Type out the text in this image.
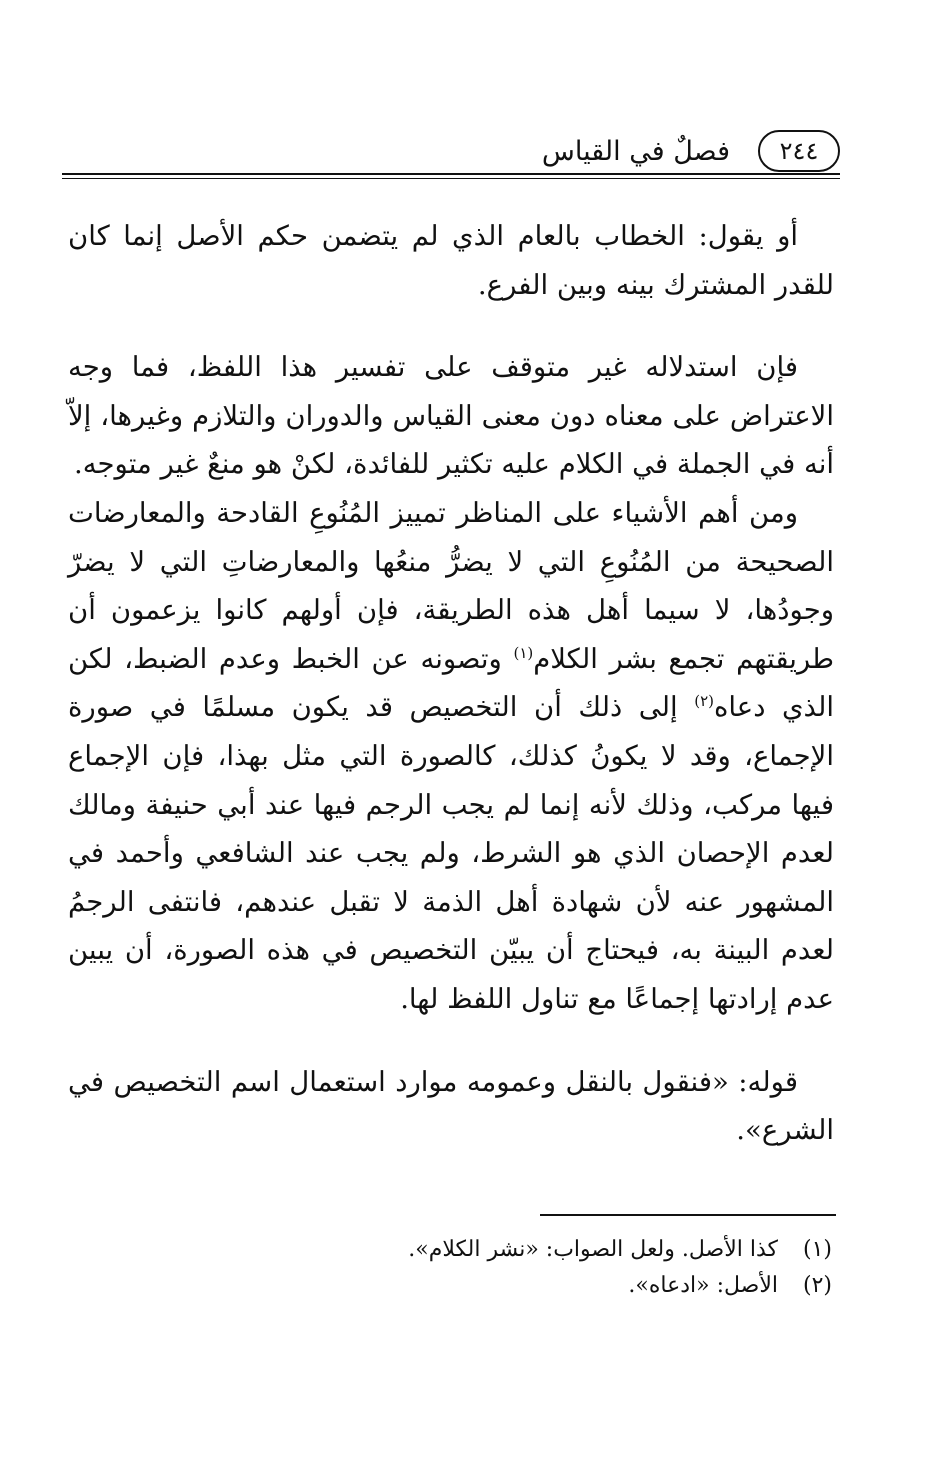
٢٤٤
فصلٌ في القياس

أو يقول: الخطاب بالعام الذي لم يتضمن حكم الأصل إنما كان للقدر المشترك بينه وبين الفرع.

فإن استدلاله غير متوقف على تفسير هذا اللفظ، فما وجه الاعتراض على معناه دون معنى القياس والدوران والتلازم وغيرها، إلاّ أنه في الجملة في الكلام عليه تكثير للفائدة، لكنْ هو منعٌ غير متوجه.

ومن أهم الأشياء على المناظر تمييز المُنُوعِ القادحة والمعارضات الصحيحة من المُنُوعِ التي لا يضرُّ منعُها والمعارضاتِ التي لا يضرّ وجودُها، لا سيما أهل هذه الطريقة، فإن أولهم كانوا يزعمون أن طريقتهم تجمع بشر الكلام$^{(١)}$ وتصونه عن الخبط وعدم الضبط، لكن الذي دعاه$^{(٢)}$ إلى ذلك أن التخصيص قد يكون مسلمًا في صورة الإجماع، وقد لا يكونُ كذلك، كالصورة التي مثل بهذا، فإن الإجماع فيها مركب، وذلك لأنه إنما لم يجب الرجم فيها عند أبي حنيفة ومالك لعدم الإحصان الذي هو الشرط، ولم يجب عند الشافعي وأحمد في المشهور عنه لأن شهادة أهل الذمة لا تقبل عندهم، فانتفى الرجمُ لعدم البينة به، فيحتاج أن يبيّن التخصيص في هذه الصورة، أن يبين عدم إرادتها إجماعًا مع تناول اللفظ لها.

قوله: «فنقول بالنقل وعمومه موارد استعمال اسم التخصيص في الشرع».

(١)
كذا الأصل. ولعل الصواب: «نشر الكلام».
(٢)
الأصل: «ادعاه».
